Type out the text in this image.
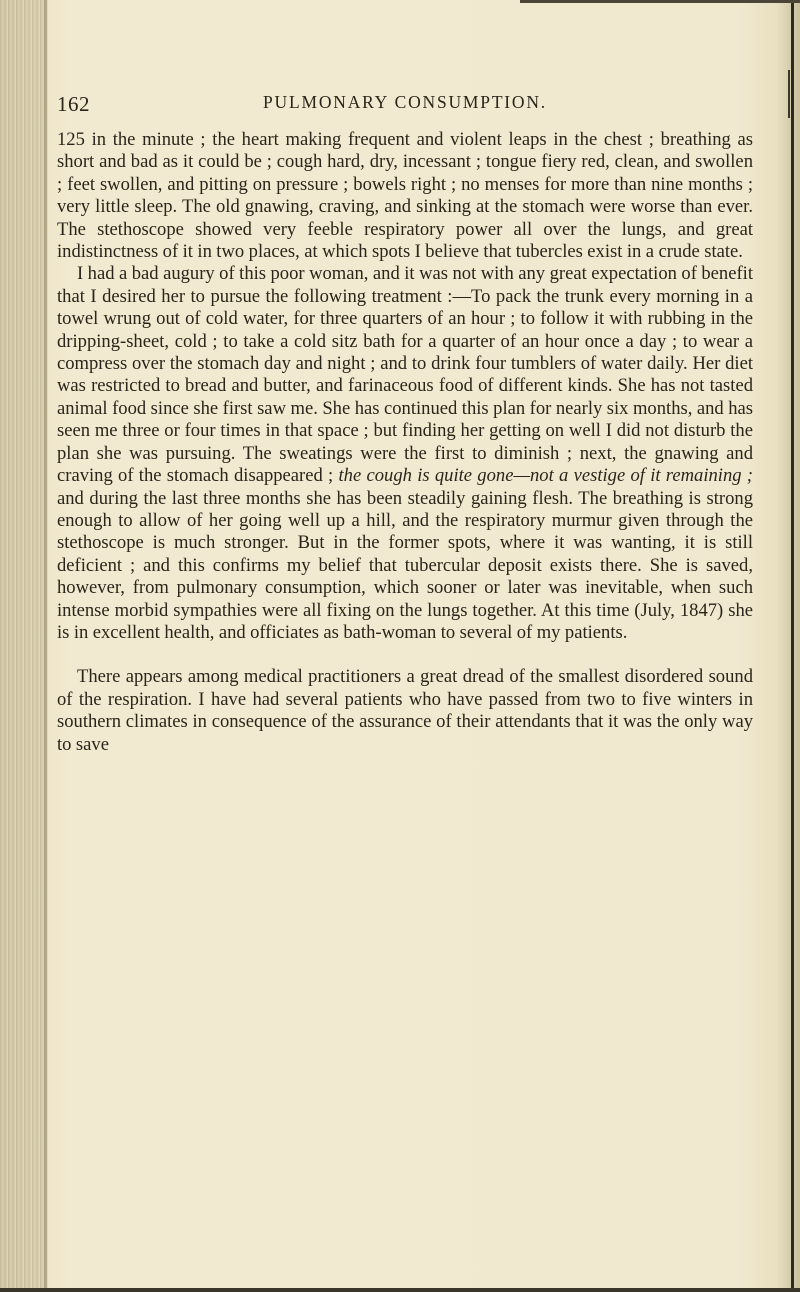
162	PULMONARY CONSUMPTION.

125 in the minute ; the heart making frequent and violent leaps in the chest ; breathing as short and bad as it could be ; cough hard, dry, incessant ; tongue fiery red, clean, and swollen ; feet swollen, and pitting on pressure ; bowels right ; no menses for more than nine months ; very little sleep. The old gnawing, craving, and sinking at the stomach were worse than ever. The stethoscope showed very feeble respiratory power all over the lungs, and great indistinctness of it in two places, at which spots I believe that tubercles exist in a crude state.

I had a bad augury of this poor woman, and it was not with any great expectation of benefit that I desired her to pursue the following treatment :—To pack the trunk every morning in a towel wrung out of cold water, for three quarters of an hour ; to follow it with rubbing in the dripping-sheet, cold ; to take a cold sitz bath for a quarter of an hour once a day ; to wear a compress over the stomach day and night ; and to drink four tumblers of water daily. Her diet was restricted to bread and butter, and farinaceous food of different kinds. She has not tasted animal food since she first saw me. She has continued this plan for nearly six months, and has seen me three or four times in that space ; but finding her getting on well I did not disturb the plan she was pursuing. The sweatings were the first to diminish ; next, the gnawing and craving of the stomach disappeared ; the cough is quite gone—not a vestige of it remaining ; and during the last three months she has been steadily gaining flesh. The breathing is strong enough to allow of her going well up a hill, and the respiratory murmur given through the stethoscope is much stronger. But in the former spots, where it was wanting, it is still deficient ; and this confirms my belief that tubercular deposit exists there. She is saved, however, from pulmonary consumption, which sooner or later was inevitable, when such intense morbid sympathies were all fixing on the lungs together. At this time (July, 1847) she is in excellent health, and officiates as bath-woman to several of my patients.

There appears among medical practitioners a great dread of the smallest disordered sound of the respiration. I have had several patients who have passed from two to five winters in southern climates in consequence of the assurance of their attendants that it was the only way to save
